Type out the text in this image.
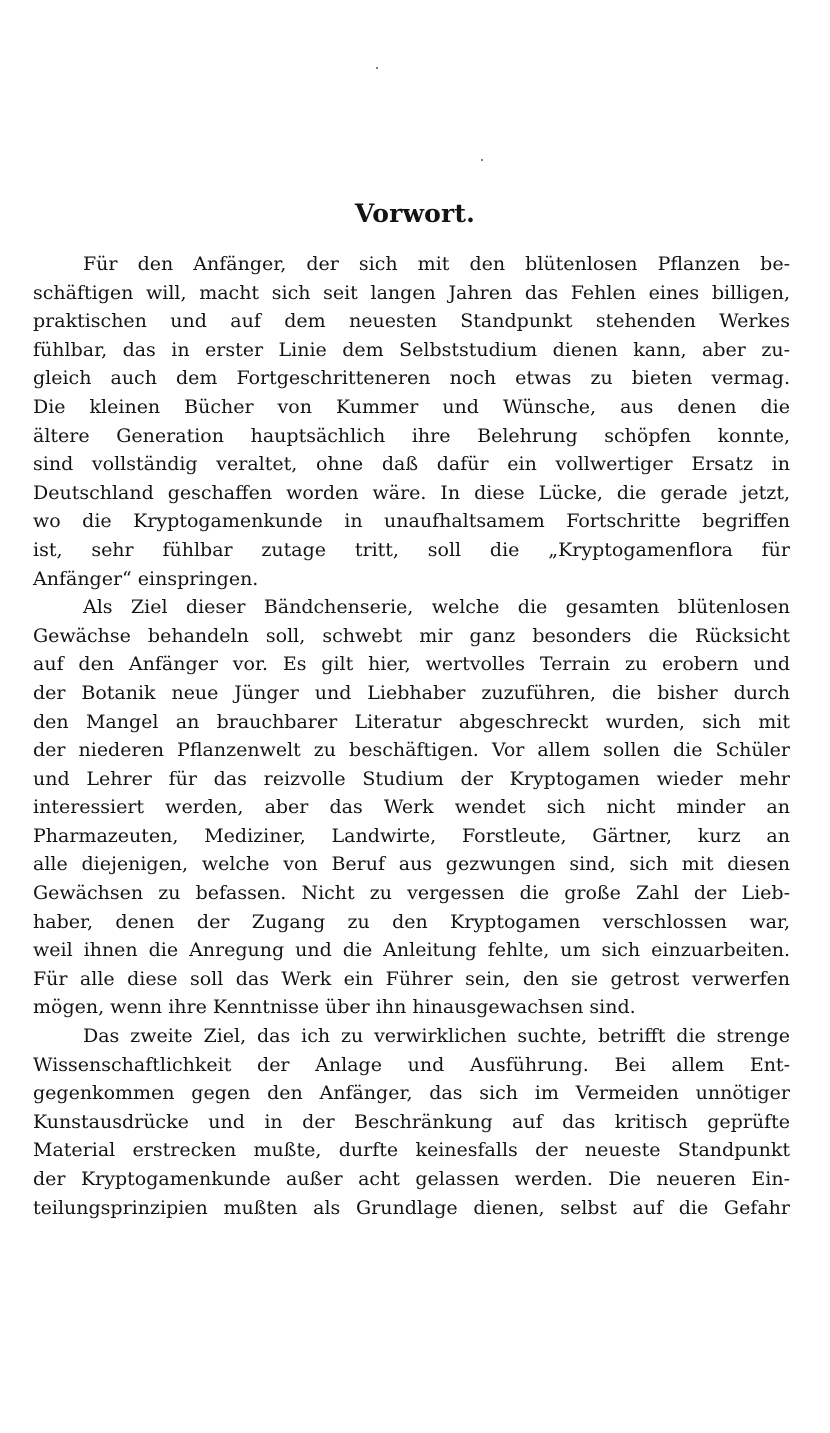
Vorwort.
Für den Anfänger, der sich mit den blütenlosen Pflanzen be-
schäftigen will, macht sich seit langen Jahren das Fehlen eines billigen,
praktischen und auf dem neuesten Standpunkt stehenden Werkes
fühlbar, das in erster Linie dem Selbststudium dienen kann, aber zu-
gleich auch dem Fortgeschritteneren noch etwas zu bieten vermag.
Die kleinen Bücher von Kummer und Wünsche, aus denen die
ältere Generation hauptsächlich ihre Belehrung schöpfen konnte,
sind vollständig veraltet, ohne daß dafür ein vollwertiger Ersatz in
Deutschland geschaffen worden wäre. In diese Lücke, die gerade jetzt,
wo die Kryptogamenkunde in unaufhaltsamem Fortschritte begriffen
ist, sehr fühlbar zutage tritt, soll die „Kryptogamenflora für
Anfänger“ einspringen.
Als Ziel dieser Bändchenserie, welche die gesamten blütenlosen
Gewächse behandeln soll, schwebt mir ganz besonders die Rücksicht
auf den Anfänger vor. Es gilt hier, wertvolles Terrain zu erobern und
der Botanik neue Jünger und Liebhaber zuzuführen, die bisher durch
den Mangel an brauchbarer Literatur abgeschreckt wurden, sich mit
der niederen Pflanzenwelt zu beschäftigen. Vor allem sollen die Schüler
und Lehrer für das reizvolle Studium der Kryptogamen wieder mehr
interessiert werden, aber das Werk wendet sich nicht minder an
Pharmazeuten, Mediziner, Landwirte, Forstleute, Gärtner, kurz an
alle diejenigen, welche von Beruf aus gezwungen sind, sich mit diesen
Gewächsen zu befassen. Nicht zu vergessen die große Zahl der Lieb-
haber, denen der Zugang zu den Kryptogamen verschlossen war,
weil ihnen die Anregung und die Anleitung fehlte, um sich einzuarbeiten.
Für alle diese soll das Werk ein Führer sein, den sie getrost verwerfen
mögen, wenn ihre Kenntnisse über ihn hinausgewachsen sind.
Das zweite Ziel, das ich zu verwirklichen suchte, betrifft die strenge
Wissenschaftlichkeit der Anlage und Ausführung. Bei allem Ent-
gegenkommen gegen den Anfänger, das sich im Vermeiden unnötiger
Kunstausdrücke und in der Beschränkung auf das kritisch geprüfte
Material erstrecken mußte, durfte keinesfalls der neueste Standpunkt
der Kryptogamenkunde außer acht gelassen werden. Die neueren Ein-
teilungsprinzipien mußten als Grundlage dienen, selbst auf die Gefahr
